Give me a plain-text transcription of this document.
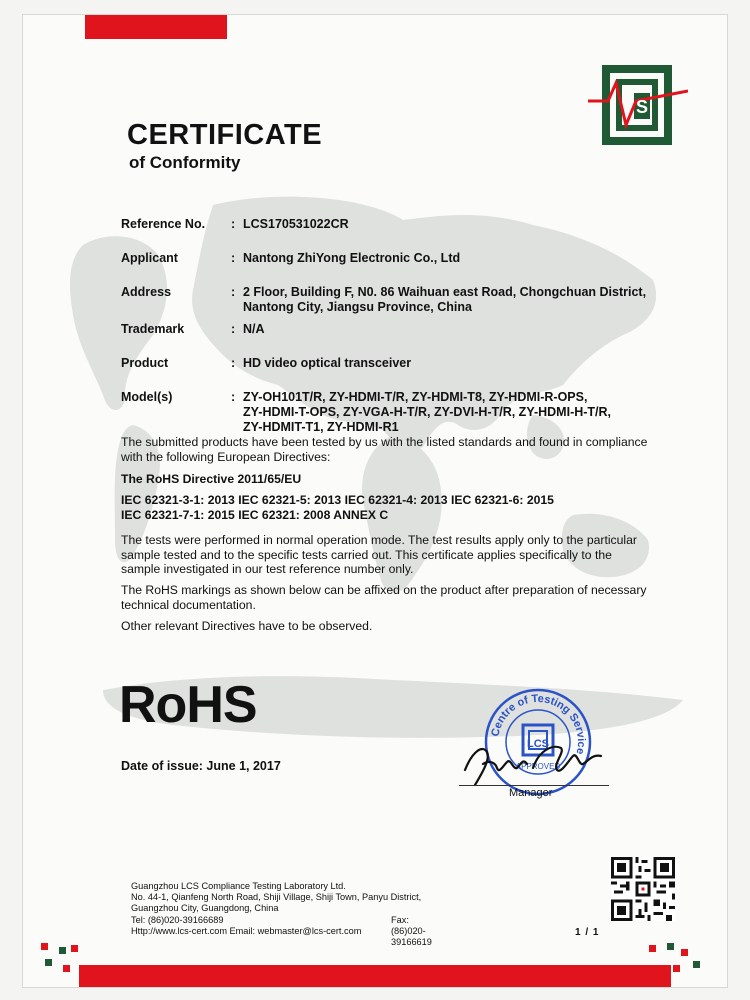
S
CERTIFICATE
of Conformity
Reference No. : LCS170531022CR
Applicant	: Nantong ZhiYong Electronic Co., Ltd
Address	: 2 Floor, Building F, N0. 86 Waihuan east Road, Chongchuan District,
Nantong City, Jiangsu Province, China
Trademark	: N/A
Product	: HD video optical transceiver
Model(s)	: ZY-OH101T/R, ZY-HDMI-T/R, ZY-HDMI-T8, ZY-HDMI-R-OPS,
ZY-HDMI-T-OPS, ZY-VGA-H-T/R, ZY-DVI-H-T/R, ZY-HDMI-H-T/R,
ZY-HDMIT-T1, ZY-HDMI-R1
The submitted products have been tested by us with the listed standards and found in compliance
with the following European Directives:
The RoHS Directive 2011/65/EU
IEC 62321-3-1: 2013 IEC 62321-5: 2013 IEC 62321-4: 2013 IEC 62321-6: 2015
IEC 62321-7-1: 2015 IEC 62321: 2008 ANNEX C
The tests were performed in normal operation mode. The test results apply only to the particular
sample tested and to the specific tests carried out. This certificate applies specifically to the
sample investigated in our test reference number only.
The RoHS markings as shown below can be affixed on the product after preparation of necessary
technical documentation.
Other relevant Directives have to be observed.
RoHS
Date of issue: June 1, 2017
Centre of Testing Service
LCS
APPROVED
Manager
Guangzhou LCS Compliance Testing Laboratory Ltd.
No. 44-1, Qianfeng North Road, Shiji Village, Shiji Town, Panyu District,
Guangzhou City, Guangdong, China
Tel: (86)020-39166689	Fax: (86)020-39166619
Http://www.lcs-cert.com Email: webmaster@lcs-cert.com	1 / 1
